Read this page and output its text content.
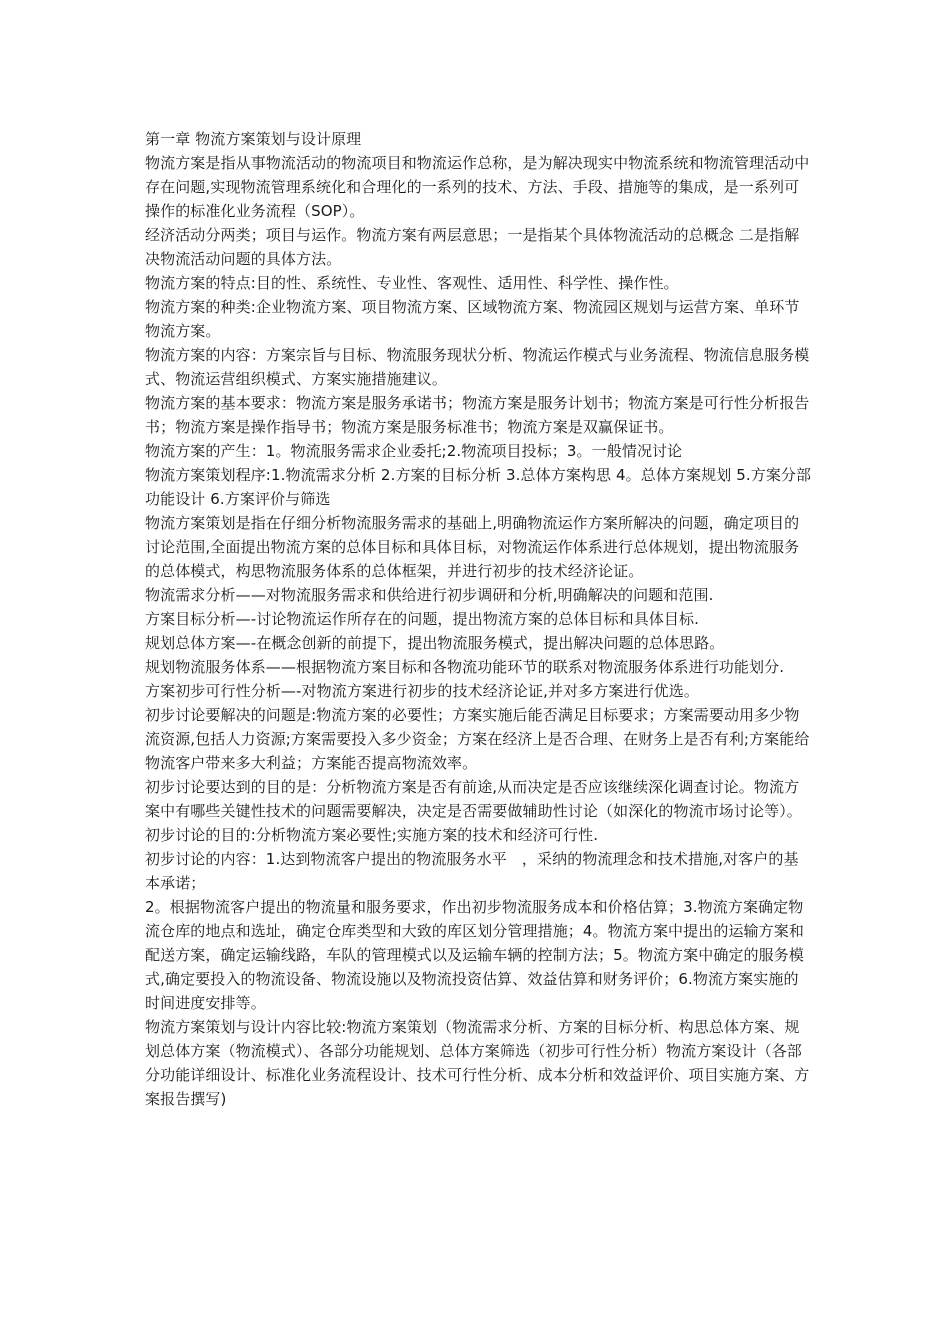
第一章 物流方案策划与设计原理

物流方案是指从事物流活动的物流项目和物流运作总称，是为解决现实中物流系统和物流管理活动中存在问题,实现物流管理系统化和合理化的一系列的技术、方法、手段、措施等的集成，是一系列可操作的标准化业务流程（SOP）。

经济活动分两类；项目与运作。物流方案有两层意思；一是指某个具体物流活动的总概念 二是指解决物流活动问题的具体方法。

物流方案的特点:目的性、系统性、专业性、客观性、适用性、科学性、操作性。

物流方案的种类:企业物流方案、项目物流方案、区域物流方案、物流园区规划与运营方案、单环节物流方案。

物流方案的内容：方案宗旨与目标、物流服务现状分析、物流运作模式与业务流程、物流信息服务模式、物流运营组织模式、方案实施措施建议。

物流方案的基本要求：物流方案是服务承诺书；物流方案是服务计划书；物流方案是可行性分析报告书；物流方案是操作指导书；物流方案是服务标准书；物流方案是双赢保证书。

物流方案的产生：1。物流服务需求企业委托;2.物流项目投标；3。一般情况讨论

物流方案策划程序:1.物流需求分析 2.方案的目标分析 3.总体方案构思 4。总体方案规划 5.方案分部功能设计 6.方案评价与筛选

物流方案策划是指在仔细分析物流服务需求的基础上,明确物流运作方案所解决的问题，确定项目的讨论范围,全面提出物流方案的总体目标和具体目标，对物流运作体系进行总体规划，提出物流服务的总体模式，构思物流服务体系的总体框架，并进行初步的技术经济论证。

物流需求分析——对物流服务需求和供给进行初步调研和分析,明确解决的问题和范围.

方案目标分析—-讨论物流运作所存在的问题，提出物流方案的总体目标和具体目标.

规划总体方案—-在概念创新的前提下，提出物流服务模式，提出解决问题的总体思路。

规划物流服务体系——根据物流方案目标和各物流功能环节的联系对物流服务体系进行功能划分.

方案初步可行性分析—-对物流方案进行初步的技术经济论证,并对多方案进行优选。

初步讨论要解决的问题是:物流方案的必要性；方案实施后能否满足目标要求；方案需要动用多少物流资源,包括人力资源;方案需要投入多少资金；方案在经济上是否合理、在财务上是否有利;方案能给物流客户带来多大利益；方案能否提高物流效率。

初步讨论要达到的目的是：分析物流方案是否有前途,从而决定是否应该继续深化调查讨论。物流方案中有哪些关键性技术的问题需要解决，决定是否需要做辅助性讨论（如深化的物流市场讨论等）。

初步讨论的目的:分析物流方案必要性;实施方案的技术和经济可行性.

初步讨论的内容：1.达到物流客户提出的物流服务水平　，采纳的物流理念和技术措施,对客户的基本承诺；

2。根据物流客户提出的物流量和服务要求，作出初步物流服务成本和价格估算；3.物流方案确定物流仓库的地点和选址，确定仓库类型和大致的库区划分管理措施；4。物流方案中提出的运输方案和配送方案，确定运输线路，车队的管理模式以及运输车辆的控制方法；5。物流方案中确定的服务模式,确定要投入的物流设备、物流设施以及物流投资估算、效益估算和财务评价；6.物流方案实施的时间进度安排等。

物流方案策划与设计内容比较:物流方案策划（物流需求分析、方案的目标分析、构思总体方案、规划总体方案（物流模式）、各部分功能规划、总体方案筛选（初步可行性分析）物流方案设计（各部分功能详细设计、标准化业务流程设计、技术可行性分析、成本分析和效益评价、项目实施方案、方案报告撰写)
